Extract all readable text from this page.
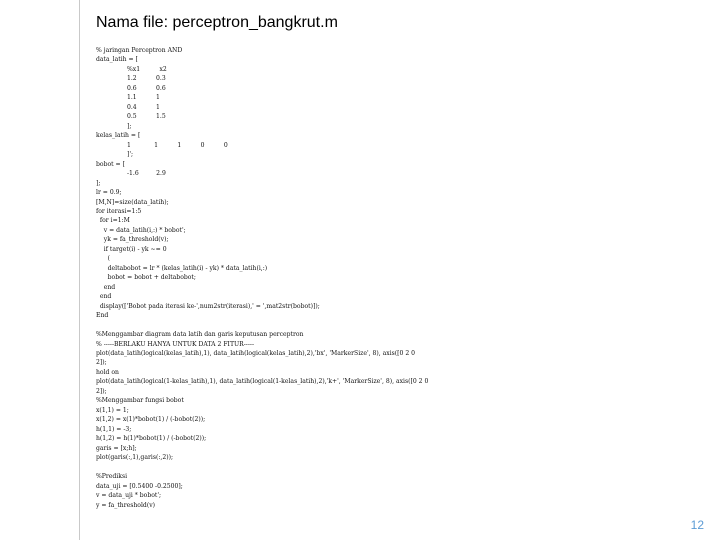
Nama file: perceptron_bangkrut.m
% jaringan Perceptron AND
data_latih = [
%x1          x2
1.2          0.3
0.6          0.6
1.1          1
0.4          1
0.5          1.5
];
kelas_latih = [
1            1          1          0          0
]';
bobot = [
-1.6         2.9
];
lr = 0.9;
[M,N]=size(data_latih);
for iterasi=1:5
for i=1:M
v = data_latih(i,:) * bobot';
yk = fa_threshold(v);
if target(i) - yk ~= 0
(
deltabobot = lr * (kelas_latih(i) - yk) * data_latih(i,:)
bobot = bobot + deltabobot;
end
end
display(['Bobot pada iterasi ke-',num2str(iterasi),' = ',mat2str(bobot)]);
End

%Menggambar diagram data latih dan garis keputusan perceptron
% -----BERLAKU HANYA UNTUK DATA 2 FITUR-----
plot(data_latih(logical(kelas_latih),1), data_latih(logical(kelas_latih),2),'bx', 'MarkerSize', 8), axis([0 2 0
2]);
hold on
plot(data_latih(logical(1-kelas_latih),1), data_latih(logical(1-kelas_latih),2),'k+', 'MarkerSize', 8), axis([0 2 0
2]);
%Menggambar fungsi bobot
x(1,1) = 1;
x(1,2) = x(1)*bobot(1) / (-bobot(2));
h(1,1) = -3;
h(1,2) = h(1)*bobot(1) / (-bobot(2));
garis = [x;h];
plot(garis(:,1),garis(:,2));

%Prediksi
data_uji = [0.5400 -0.2500];
v = data_uji * bobot';
y = fa_threshold(v)
12
